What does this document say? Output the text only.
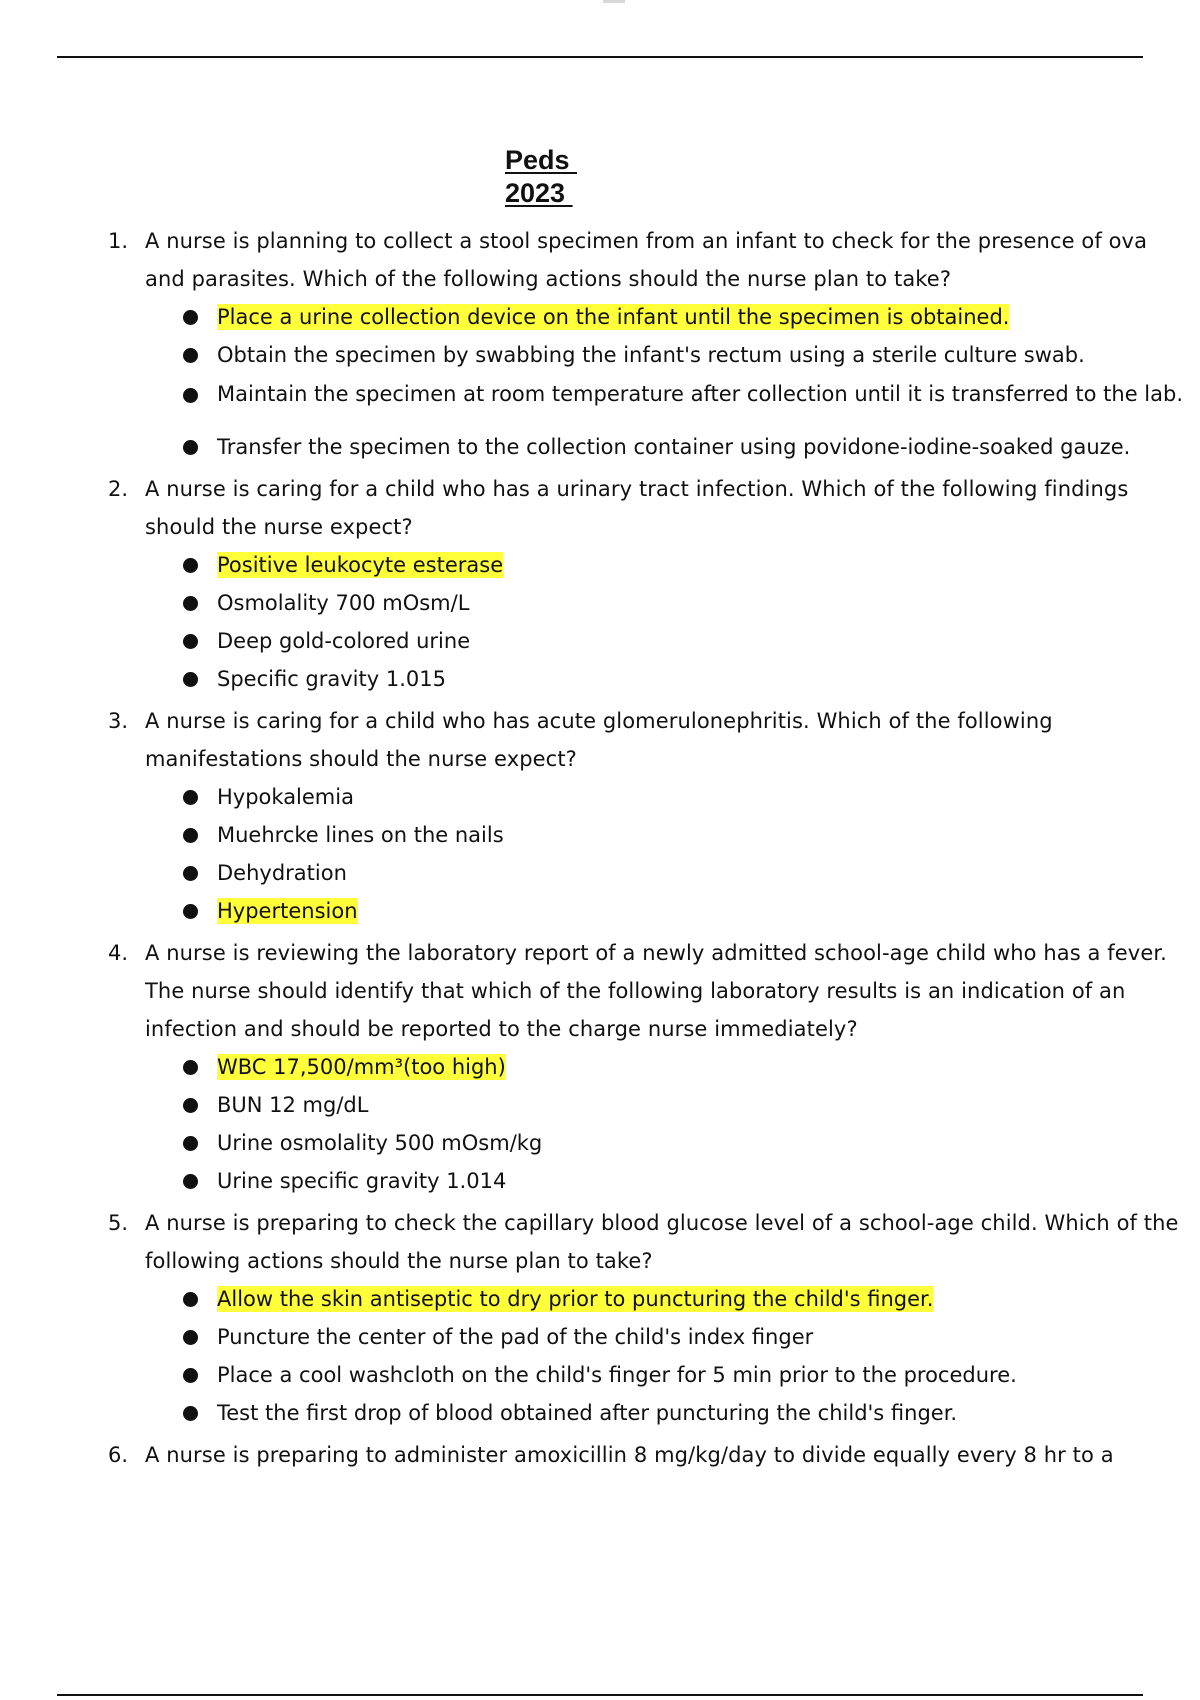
Peds
2023
1. A nurse is planning to collect a stool specimen from an infant to check for the presence of ova and parasites. Which of the following actions should the nurse plan to take?
Place a urine collection device on the infant until the specimen is obtained.
Obtain the specimen by swabbing the infant's rectum using a sterile culture swab.
Maintain the specimen at room temperature after collection until it is transferred to the lab.
Transfer the specimen to the collection container using povidone-iodine-soaked gauze.
2. A nurse is caring for a child who has a urinary tract infection. Which of the following findings should the nurse expect?
Positive leukocyte esterase
Osmolality 700 mOsm/L
Deep gold-colored urine
Specific gravity 1.015
3. A nurse is caring for a child who has acute glomerulonephritis. Which of the following manifestations should the nurse expect?
Hypokalemia
Muehrcke lines on the nails
Dehydration
Hypertension
4. A nurse is reviewing the laboratory report of a newly admitted school-age child who has a fever. The nurse should identify that which of the following laboratory results is an indication of an infection and should be reported to the charge nurse immediately?
WBC 17,500/mm³(too high)
BUN 12 mg/dL
Urine osmolality 500 mOsm/kg
Urine specific gravity 1.014
5. A nurse is preparing to check the capillary blood glucose level of a school-age child. Which of the following actions should the nurse plan to take?
Allow the skin antiseptic to dry prior to puncturing the child's finger.
Puncture the center of the pad of the child's index finger
Place a cool washcloth on the child's finger for 5 min prior to the procedure.
Test the first drop of blood obtained after puncturing the child's finger.
6. A nurse is preparing to administer amoxicillin 8 mg/kg/day to divide equally every 8 hr to a
